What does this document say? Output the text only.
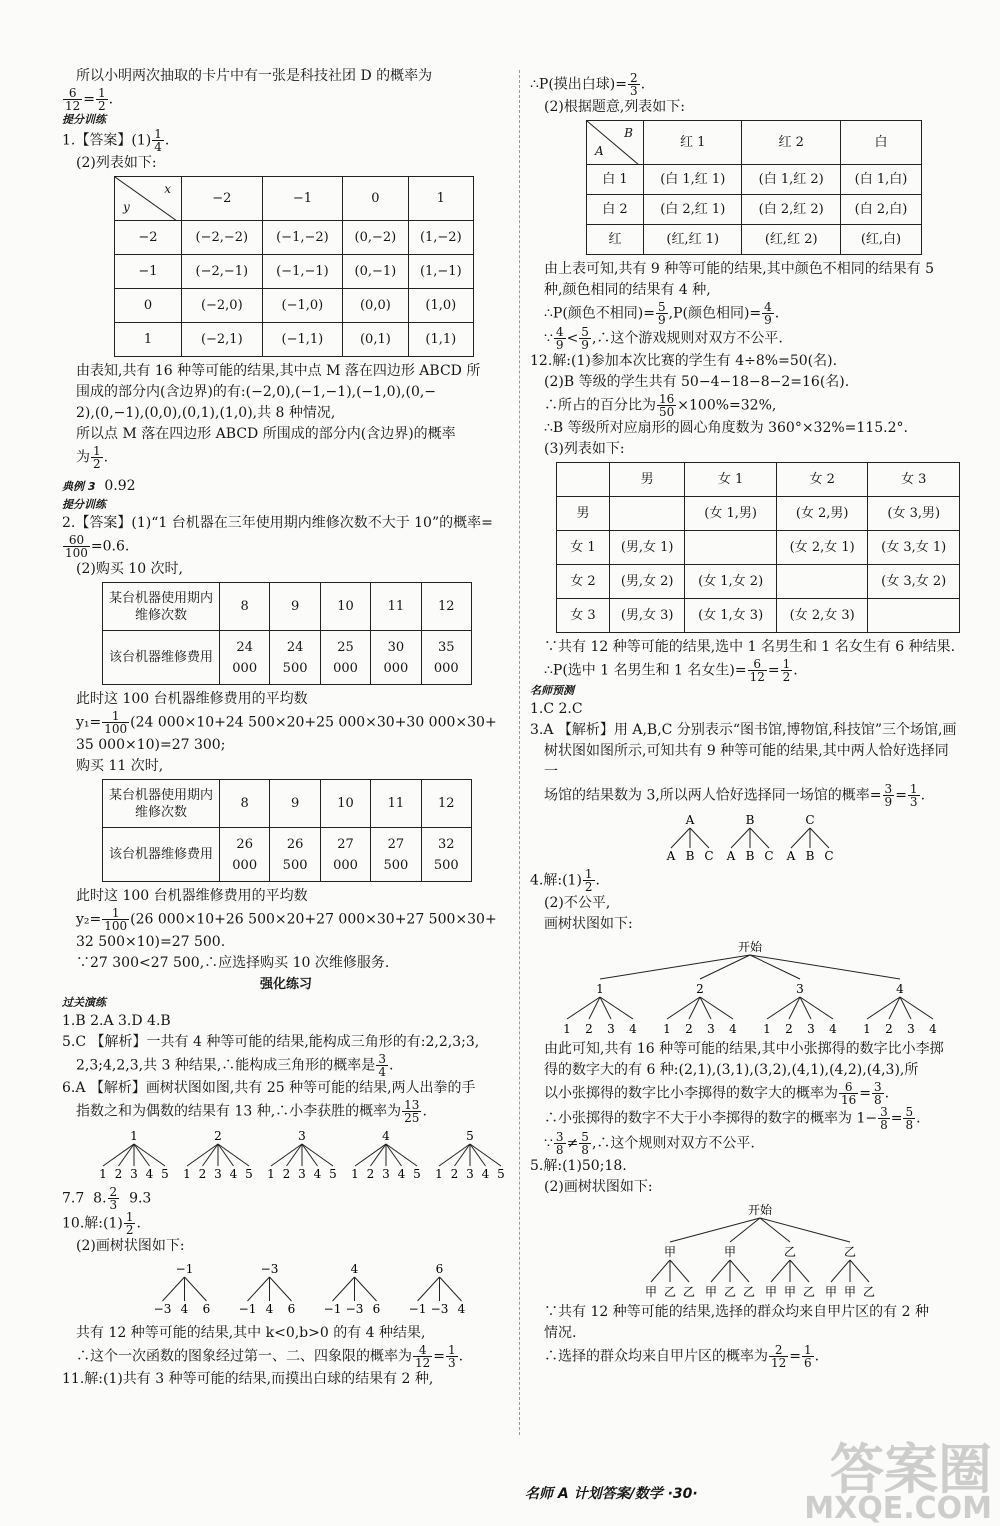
所以小明两次抽取的卡片中有一张是科技社团 D 的概率为

$\frac{6}{12} = \frac{1}{2}$ .

提分训练

1.【答案】$(1) \frac{1}{4}$ .

(2)列表如下:

x
y	−2	−1	0	1
−2	(−2,−2)	(−1,−2)	(0,−2)	(1,−2)
−1	(−2,−1)	(−1,−1)	(0,−1)	(1,−1)
0	(−2,0)	(−1,0)	(0,0)	(1,0)
1	(−2,1)	(−1,1)	(0,1)	(1,1)

由表知,共有 16 种等可能的结果,其中点 M 落在四边形 ABCD 所

围成的部分内(含边界)的有:(−2,0),(−1,−1),(−1,0),(0,−

2),(0,−1),(0,0),(0,1),(1,0),共 8 种情况,

所以点 M 落在四边形 ABCD 所围成的部分内(含边界)的概率

为 $\frac{1}{2}$ .

典例 3  0.92

提分训练

2.【答案】(1)“1 台机器在三年使用期内维修次数不大于 10”的概率=

$\frac{60}{100} =0.6$.

(2)购买 10 次时,

某台机器使用期内维修次数	8	9	10	11	12
该台机器维修费用	24 000	24 500	25 000	30 000	35 000

此时这 100 台机器维修费用的平均数

$y_1= \frac{1}{100} (24$ 000×10+24 500×20+25 000×30+30 000×30+

35 000×10)=27 300;

购买 11 次时,

某台机器使用期内维修次数	8	9	10	11	12
该台机器维修费用	26 000	26 500	27 000	27 500	32 500

此时这 100 台机器维修费用的平均数

$y_2= \frac{1}{100} (26$ 000×10+26 500×20+27 000×30+27 500×30+

32 500×10)=27 500.

∵27 300<27 500,∴应选择购买 10 次维修服务.

强化练习

过关演练

1.B 2.A 3.D 4.B

5.C 【解析】一共有 4 种等可能的结果,能构成三角形的有:2,2,3;3,

2,3;4,2,3,共 3 种结果,∴能构成三角形的概率是 $\frac{3}{4}$ .

6.A 【解析】画树状图如图,共有 25 种等可能的结果,两人出拳的手

指数之和为偶数的结果有 13 种,∴小李获胜的概率为 $\frac{13}{25}$ .

1
1 2 3 4 5
2
1 2 3 4 5
3
1 2 3 4 5
4
1 2 3 4 5
5
1 2 3 4 5

7.7  8. $\frac{2}{3} 9.3$

10.解:(1) $\frac{1}{2}$ .

(2)画树状图如下:

−1
−3 4 6
−3
−1 4 6
4
−1 −3 6
6
−1 −3 4

共有 12 种等可能的结果,其中 k<0,b>0 的有 4 种结果,

∴这个一次函数的图象经过第一、二、四象限的概率为 $\frac{4}{12} = \frac{1}{3}$ .

11.解:(1)共有 3 种等可能的结果,而摸出白球的结果有 2 种,

∴P(摸出白球)= $\frac{2}{3}$ .

(2)根据题意,列表如下:

B
A	红 1	红 2	白
白 1	(白 1,红 1)	(白 1,红 2)	(白 1,白)
白 2	(白 2,红 1)	(白 2,红 2)	(白 2,白)
红	(红,红 1)	(红,红 2)	(红,白)

由上表可知,共有 9 种等可能的结果,其中颜色不相同的结果有 5

种,颜色相同的结果有 4 种,

∴P(颜色不相同)= $\frac{5}{9} ,P$(颜色相同)= $\frac{4}{9}$ .

∵ $\frac{4}{9} < \frac{5}{9}$ ,∴这个游戏规则对双方不公平.

12.解:(1)参加本次比赛的学生有 4÷8%=50(名).

(2)B 等级的学生共有 50−4−18−8−2=16(名).

∴所占的百分比为 $\frac{16}{50} \times 100\%=32\%$,

∴B 等级所对应扇形的圆心角度数为 360°×32%=115.2°.

(3)列表如下:

	男	女 1	女 2	女 3
男		(女 1,男)	(女 2,男)	(女 3,男)
女 1	(男,女 1)		(女 2,女 1)	(女 3,女 1)
女 2	(男,女 2)	(女 1,女 2)		(女 3,女 2)
女 3	(男,女 3)	(女 1,女 3)	(女 2,女 3)	

∵共有 12 种等可能的结果,选中 1 名男生和 1 名女生有 6 种结果.

∴P(选中 1 名男生和 1 名女生)= $\frac{6}{12} = \frac{1}{2}$ .

名师预测

1.C 2.C

3.A 【解析】用 A,B,C 分别表示“图书馆,博物馆,科技馆”三个场馆,画

树状图如图所示,可知共有 9 种等可能的结果,其中两人恰好选择同一

场馆的结果数为 3,所以两人恰好选择同一场馆的概率= $\frac{3}{9} = \frac{1}{3}$ .

A
A B C
B
A B C
C
A B C

4.解:(1) $\frac{1}{2}$ .

(2)不公平,

画树状图如下:

开始
1
1 2 3 4
2
1 2 3 4
3
1 2 3 4
4
1 2 3 4

由此可知,共有 16 种等可能的结果,其中小张掷得的数字比小李掷

得的数字大的有 6 种:(2,1),(3,1),(3,2),(4,1),(4,2),(4,3),所

以小张掷得的数字比小李掷得的数字大的概率为 $\frac{6}{16} = \frac{3}{8}$ .

∴小张掷得的数字不大于小李掷得的数字的概率为 $1- \frac{3}{8} = \frac{5}{8}$ .

∵ $\frac{3}{8} \ne \frac{5}{8}$ ,∴这个规则对双方不公平.

5.解:(1)50;18.

(2)画树状图如下:

开始
甲
甲 乙 乙
甲
甲 乙 乙
乙
甲 甲 乙
乙
甲 甲 乙

∵共有 12 种等可能的结果,选择的群众均来自甲片区的有 2 种

情况.

∴选择的群众均来自甲片区的概率为 $\frac{2}{12} = \frac{1}{6}$ .

名师 A 计划答案/数学 ·30·	答案圈
MXQE.COM
